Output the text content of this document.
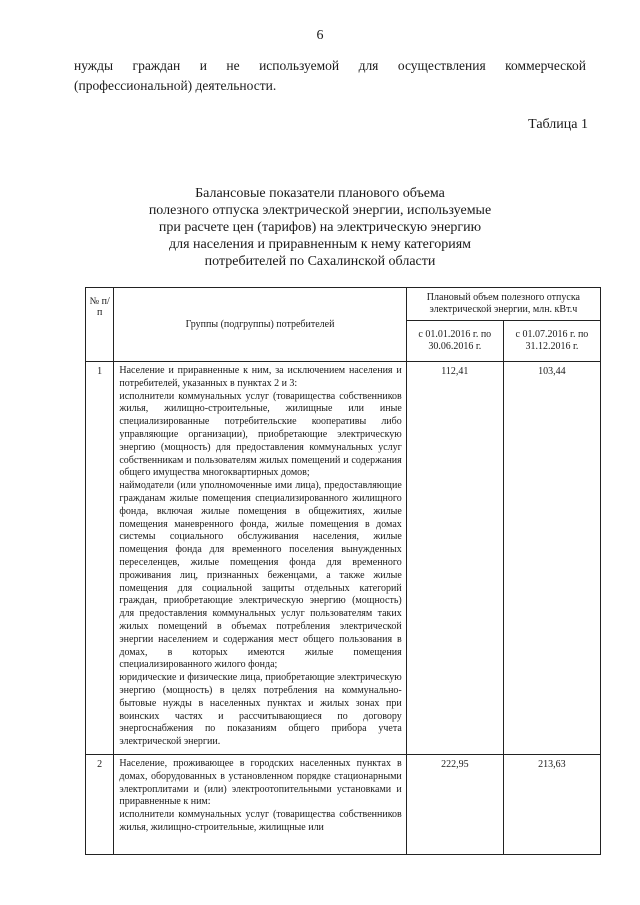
6
нужды граждан и не используемой для осуществления коммерческой
(профессиональной) деятельности.
Таблица 1
Балансовые показатели планового объема
полезного отпуска электрической энергии, используемые
при расчете цен (тарифов) на электрическую энергию
для населения и приравненным к нему категориям
потребителей по Сахалинской области
№ п/п	Группы (подгруппы) потребителей	Плановый объем полезного отпуска электрической энергии, млн. кВт.ч	
		с 01.01.2016 г. по 30.06.2016 г.	с 01.07.2016 г. по 31.12.2016 г.
1	Население и приравненные к ним, за исключением населения и потребителей, указанных в пунктах 2 и 3:

исполнители коммунальных услуг (товарищества собственников жилья, жилищно-строительные, жилищные или иные специализированные потребительские кооперативы либо управляющие организации), приобретающие электрическую энергию (мощность) для предоставления коммунальных услуг собственникам и пользователям жилых помещений и содержания общего имущества многоквартирных домов;

наймодатели (или уполномоченные ими лица), предоставляющие гражданам жилые помещения специализированного жилищного фонда, включая жилые помещения в общежитиях, жилые помещения маневренного фонда, жилые помещения в домах системы социального обслуживания населения, жилые помещения фонда для временного поселения вынужденных переселенцев, жилые помещения фонда для временного проживания лиц, признанных беженцами, а также жилые помещения для социальной защиты отдельных категорий граждан, приобретающие электрическую энергию (мощность) для предоставления коммунальных услуг пользователям таких жилых помещений в объемах потребления электрической энергии населением и содержания мест общего пользования в домах, в которых имеются жилые помещения специализированного жилого фонда;

юридические и физические лица, приобретающие электрическую энергию (мощность) в целях потребления на коммунально-бытовые нужды в населенных пунктах и жилых зонах при воинских частях и рассчитывающиеся по договору энергоснабжения по показаниям общего прибора учета электрической энергии.	112,41	103,44
2	Население, проживающее в городских населенных пунктах в домах, оборудованных в установленном порядке стационарными электроплитами и (или) электроотопительными установками и приравненные к ним:

исполнители коммунальных услуг (товарищества собственников жилья, жилищно-строительные, жилищные или	222,95	213,63
